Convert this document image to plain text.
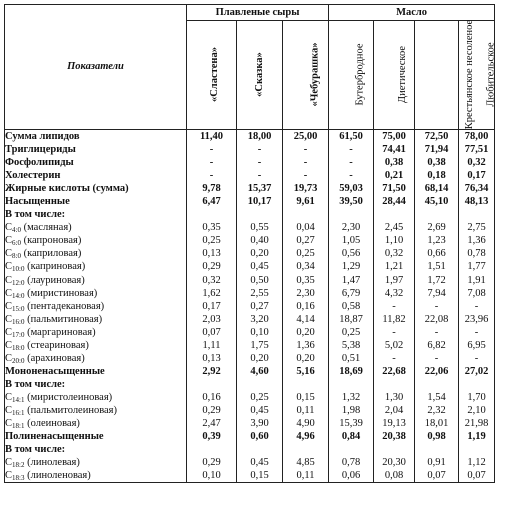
Показатели	Плавленые сыры			Масло			
	«Сластена»	«Сказка»	«Чебурашка»	Бутербродное	Диетическое	Крестьянское несоленое	Любительское
Сумма липидов	11,40	18,00	25,00	61,50	75,00	72,50	78,00
Триглицериды	-	-	-	-	74,41	71,94	77,51
Фосфолипиды	-	-	-	-	0,38	0,38	0,32
Холестерин	-	-	-	-	0,21	0,18	0,17
Жирные кислоты (сумма)	9,78	15,37	19,73	59,03	71,50	68,14	76,34
Насыщенные	6,47	10,17	9,61	39,50	28,44	45,10	48,13
В том числе:							
$C_{4:0}$ (масляная)	0,35	0,55	0,04	2,30	2,45	2,69	2,75
$C_{6:0}$ (капроновая)	0,25	0,40	0,27	1,05	1,10	1,23	1,36
$C_{8:0}$ (каприловая)	0,13	0,20	0,25	0,56	0,32	0,66	0,78
$C_{10:0}$ (каприновая)	0,29	0,45	0,34	1,29	1,21	1,51	1,77
$C_{12:0}$ (лауриновая)	0,32	0,50	0,35	1,47	1,97	1,72	1,91
$C_{14:0}$ (миристиновая)	1,62	2,55	2,30	6,79	4,32	7,94	7,08
$C_{15:0}$ (пентадекановая)	0,17	0,27	0,16	0,58	-	-	-
$C_{16:0}$ (пальмитиновая)	2,03	3,20	4,14	18,87	11,82	22,08	23,96
$C_{17:0}$ (маргариновая)	0,07	0,10	0,20	0,25	-	-	-
$C_{18:0}$ (стеариновая)	1,11	1,75	1,36	5,38	5,02	6,82	6,95
$C_{20:0}$ (арахиновая)	0,13	0,20	0,20	0,51	-	-	-
Мононенасыщенные	2,92	4,60	5,16	18,69	22,68	22,06	27,02
В том числе:							
$C_{14:1}$ (миристолеиновая)	0,16	0,25	0,15	1,32	1,30	1,54	1,70
$C_{16:1}$ (пальмитолеиновая)	0,29	0,45	0,11	1,98	2,04	2,32	2,10
$C_{18:1}$ (олеиновая)	2,47	3,90	4,90	15,39	19,13	18,01	21,98
Полиненасыщенные	0,39	0,60	4,96	0,84	20,38	0,98	1,19
В том числе:							
$C_{18:2}$ (линолевая)	0,29	0,45	4,85	0,78	20,30	0,91	1,12
$C_{18:3}$ (линоленовая)	0,10	0,15	0,11	0,06	0,08	0,07	0,07
